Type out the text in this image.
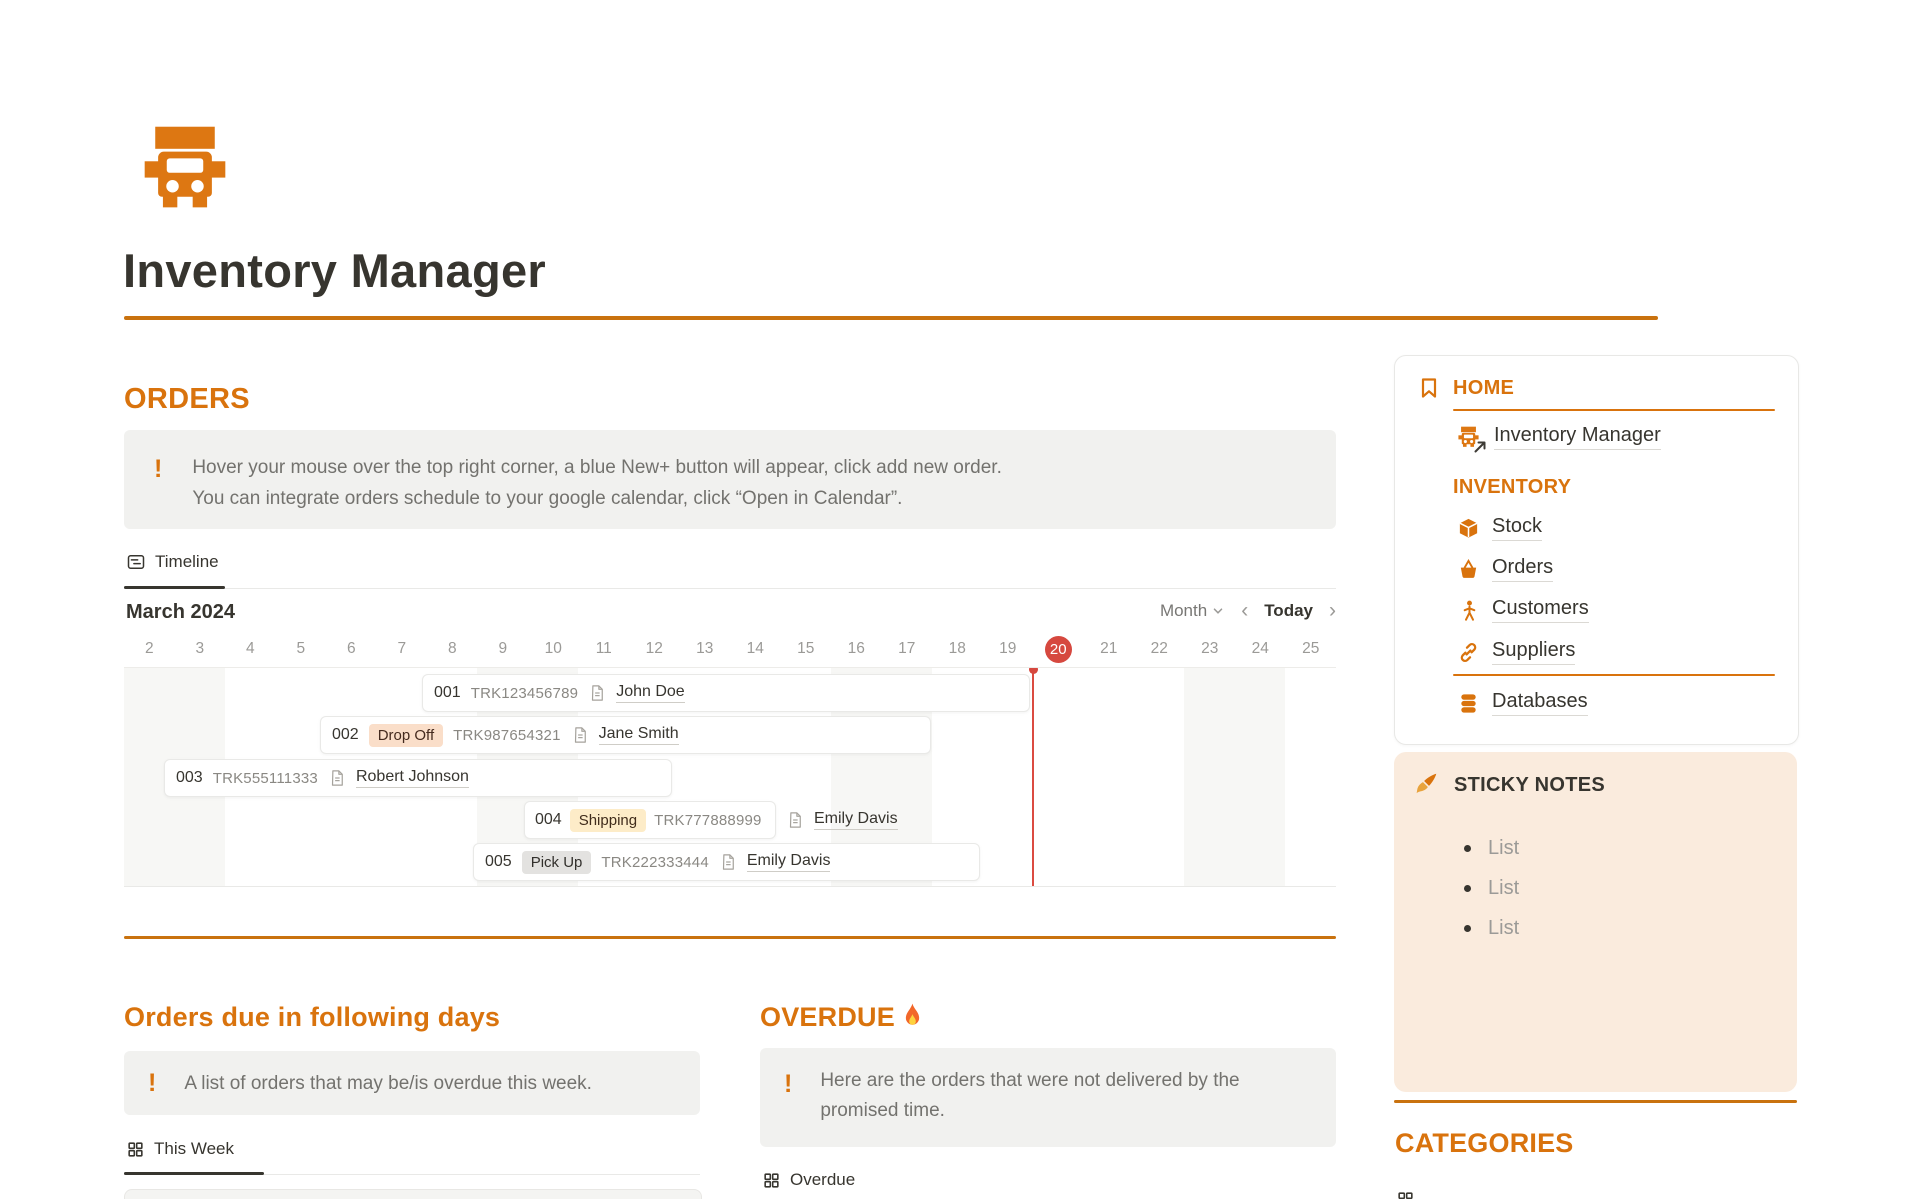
Inventory Manager
ORDERS
! Hover your mouse over the top right corner, a blue New+ button will appear, click add new order.
You can integrate orders schedule to your google calendar, click “Open in Calendar”.
Timeline
March 2024	Month ‹ Today ›
2	3	4	5	6	7	8	9	10	11	12	13	14	15	16	17	18	19	20	21	22	23	24	25
001 TRK123456789 John Doe
002	Drop Off	TRK987654321 Jane Smith
003 TRK555111333 Robert Johnson
004	Shipping	TRK777888999	Emily Davis
005	Pick Up	TRK222333444 Emily Davis
Orders due in following days
! A list of orders that may be/is overdue this week.
This Week
OVERDUE
! Here are the orders that were not delivered by the promised time.
Overdue
HOME
Inventory Manager
INVENTORY
Stock
Orders
Customers
Suppliers
Databases
STICKY NOTES
List
List
List
CATEGORIES
